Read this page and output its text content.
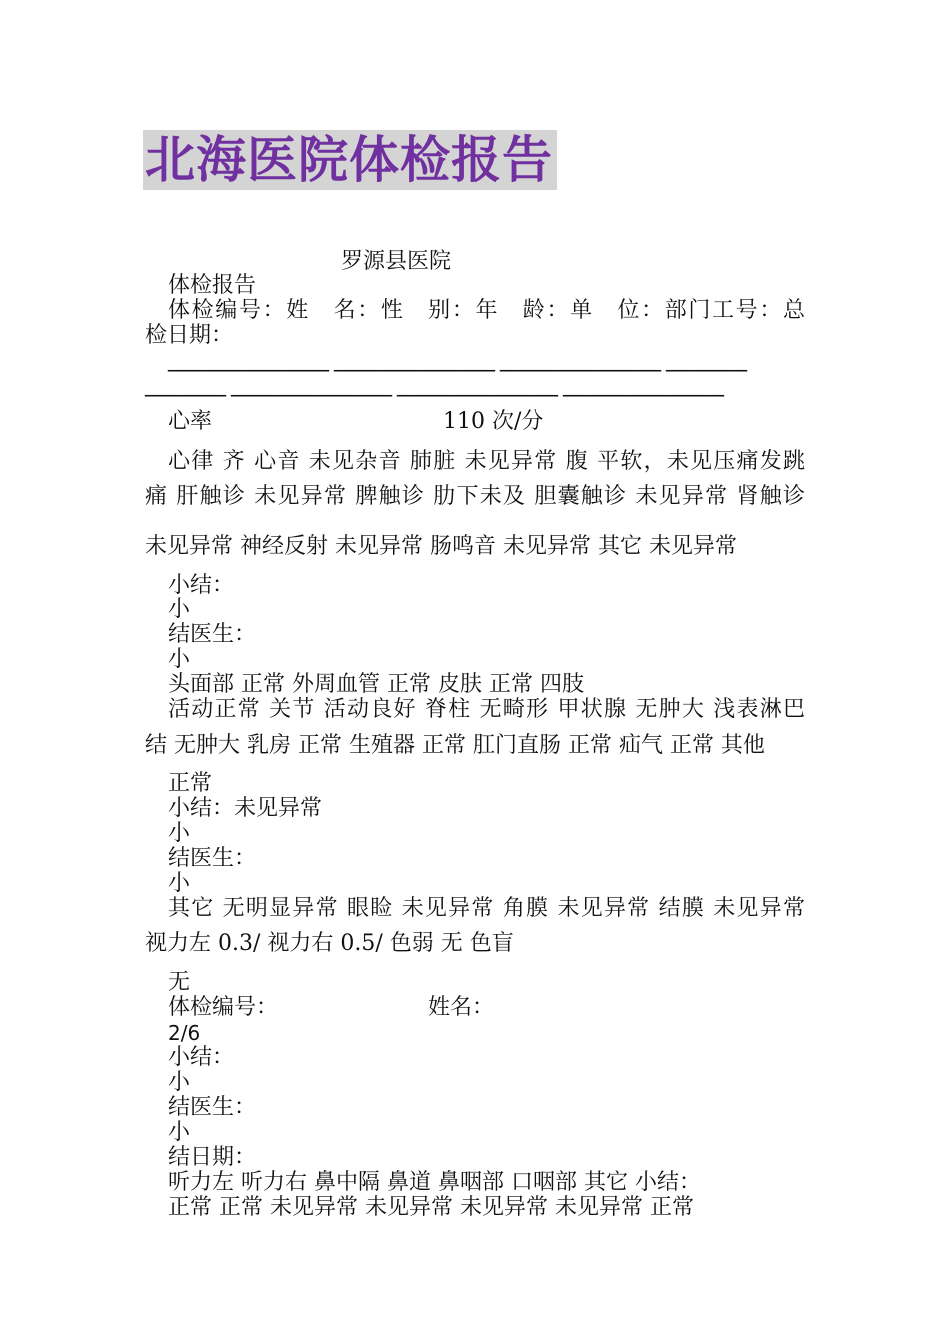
北海医院体检报告
罗源县医院
体检报告
体检编号：姓　名：性　别：年　龄：单　位：部门工号：总
检日期：
________________ ________________ ________________ ________
________ ________________ ________________ ________________
心率	110 次/分
心律 齐 心音 未见杂音 肺脏 未见异常 腹 平软，未见压痛发跳
痛 肝触诊 未见异常 脾触诊 肋下未及 胆囊触诊 未见异常 肾触诊
未见异常 神经反射 未见异常 肠鸣音 未见异常 其它 未见异常
小结：
小
结医生：
小
头面部 正常 外周血管 正常 皮肤 正常 四肢
活动正常 关节 活动良好 脊柱 无畸形 甲状腺 无肿大 浅表淋巴
结 无肿大 乳房 正常 生殖器 正常 肛门直肠 正常 疝气 正常 其他
正常
小结：未见异常
小
结医生：
小
其它 无明显异常 眼睑 未见异常 角膜 未见异常 结膜 未见异常
视力左 0.3/ 视力右 0.5/ 色弱 无 色盲
无
体检编号：	姓名：
2/6
小结：
小
结医生：
小
结日期：
听力左 听力右 鼻中隔 鼻道 鼻咽部 口咽部 其它 小结：
正常 正常 未见异常 未见异常 未见异常 未见异常 正常
